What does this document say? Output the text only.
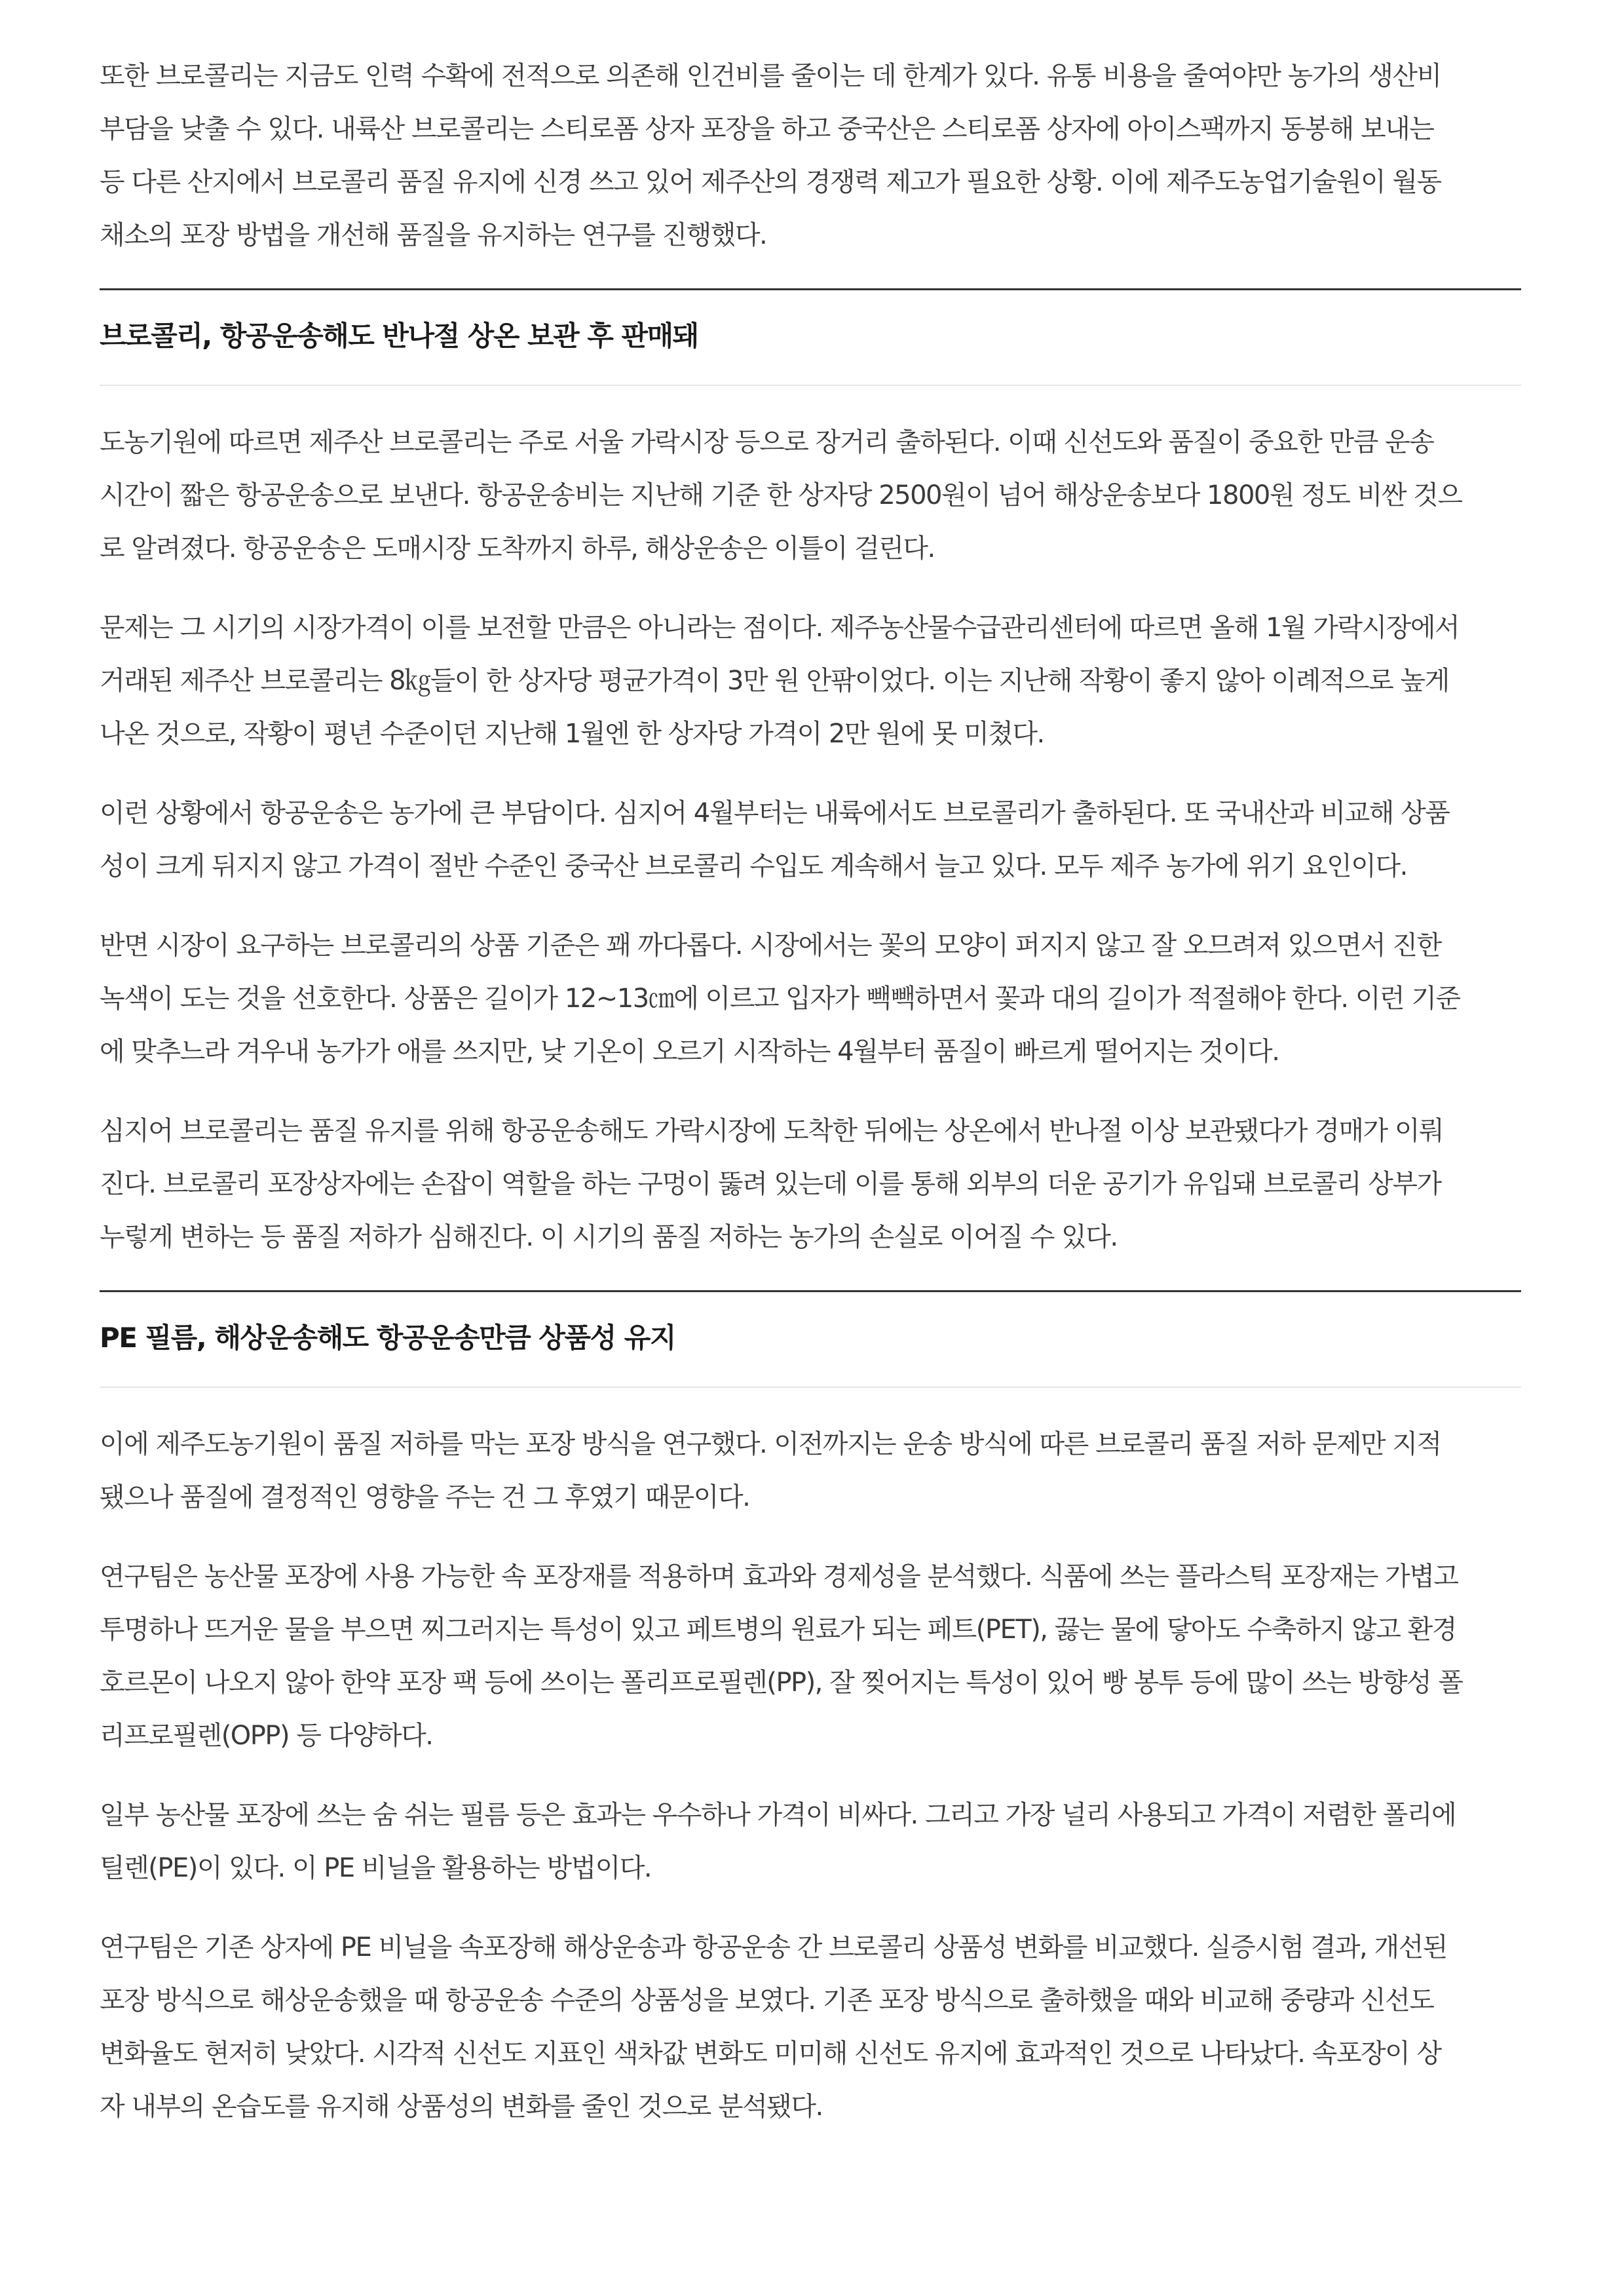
또한 브로콜리는 지금도 인력 수확에 전적으로 의존해 인건비를 줄이는 데 한계가 있다. 유통 비용을 줄여야만 농가의 생산비
부담을 낮출 수 있다. 내륙산 브로콜리는 스티로폼 상자 포장을 하고 중국산은 스티로폼 상자에 아이스팩까지 동봉해 보내는
등 다른 산지에서 브로콜리 품질 유지에 신경 쓰고 있어 제주산의 경쟁력 제고가 필요한 상황. 이에 제주도농업기술원이 월동
채소의 포장 방법을 개선해 품질을 유지하는 연구를 진행했다.
브로콜리, 항공운송해도 반나절 상온 보관 후 판매돼
도농기원에 따르면 제주산 브로콜리는 주로 서울 가락시장 등으로 장거리 출하된다. 이때 신선도와 품질이 중요한 만큼 운송
시간이 짧은 항공운송으로 보낸다. 항공운송비는 지난해 기준 한 상자당 2500원이 넘어 해상운송보다 1800원 정도 비싼 것으
로 알려졌다. 항공운송은 도매시장 도착까지 하루, 해상운송은 이틀이 걸린다.
문제는 그 시기의 시장가격이 이를 보전할 만큼은 아니라는 점이다. 제주농산물수급관리센터에 따르면 올해 1월 가락시장에서
거래된 제주산 브로콜리는 8㎏들이 한 상자당 평균가격이 3만 원 안팎이었다. 이는 지난해 작황이 좋지 않아 이례적으로 높게
나온 것으로, 작황이 평년 수준이던 지난해 1월엔 한 상자당 가격이 2만 원에 못 미쳤다.
이런 상황에서 항공운송은 농가에 큰 부담이다. 심지어 4월부터는 내륙에서도 브로콜리가 출하된다. 또 국내산과 비교해 상품
성이 크게 뒤지지 않고 가격이 절반 수준인 중국산 브로콜리 수입도 계속해서 늘고 있다. 모두 제주 농가에 위기 요인이다.
반면 시장이 요구하는 브로콜리의 상품 기준은 꽤 까다롭다. 시장에서는 꽃의 모양이 퍼지지 않고 잘 오므려져 있으면서 진한
녹색이 도는 것을 선호한다. 상품은 길이가 12~13㎝에 이르고 입자가 빽빽하면서 꽃과 대의 길이가 적절해야 한다. 이런 기준
에 맞추느라 겨우내 농가가 애를 쓰지만, 낮 기온이 오르기 시작하는 4월부터 품질이 빠르게 떨어지는 것이다.
심지어 브로콜리는 품질 유지를 위해 항공운송해도 가락시장에 도착한 뒤에는 상온에서 반나절 이상 보관됐다가 경매가 이뤄
진다. 브로콜리 포장상자에는 손잡이 역할을 하는 구멍이 뚫려 있는데 이를 통해 외부의 더운 공기가 유입돼 브로콜리 상부가
누렇게 변하는 등 품질 저하가 심해진다. 이 시기의 품질 저하는 농가의 손실로 이어질 수 있다.
PE 필름, 해상운송해도 항공운송만큼 상품성 유지
이에 제주도농기원이 품질 저하를 막는 포장 방식을 연구했다. 이전까지는 운송 방식에 따른 브로콜리 품질 저하 문제만 지적
됐으나 품질에 결정적인 영향을 주는 건 그 후였기 때문이다.
연구팀은 농산물 포장에 사용 가능한 속 포장재를 적용하며 효과와 경제성을 분석했다. 식품에 쓰는 플라스틱 포장재는 가볍고
투명하나 뜨거운 물을 부으면 찌그러지는 특성이 있고 페트병의 원료가 되는 페트(PET), 끓는 물에 닿아도 수축하지 않고 환경
호르몬이 나오지 않아 한약 포장 팩 등에 쓰이는 폴리프로필렌(PP), 잘 찢어지는 특성이 있어 빵 봉투 등에 많이 쓰는 방향성 폴
리프로필렌(OPP) 등 다양하다.
일부 농산물 포장에 쓰는 숨 쉬는 필름 등은 효과는 우수하나 가격이 비싸다. 그리고 가장 널리 사용되고 가격이 저렴한 폴리에
틸렌(PE)이 있다. 이 PE 비닐을 활용하는 방법이다.
연구팀은 기존 상자에 PE 비닐을 속포장해 해상운송과 항공운송 간 브로콜리 상품성 변화를 비교했다. 실증시험 결과, 개선된
포장 방식으로 해상운송했을 때 항공운송 수준의 상품성을 보였다. 기존 포장 방식으로 출하했을 때와 비교해 중량과 신선도
변화율도 현저히 낮았다. 시각적 신선도 지표인 색차값 변화도 미미해 신선도 유지에 효과적인 것으로 나타났다. 속포장이 상
자 내부의 온습도를 유지해 상품성의 변화를 줄인 것으로 분석됐다.
